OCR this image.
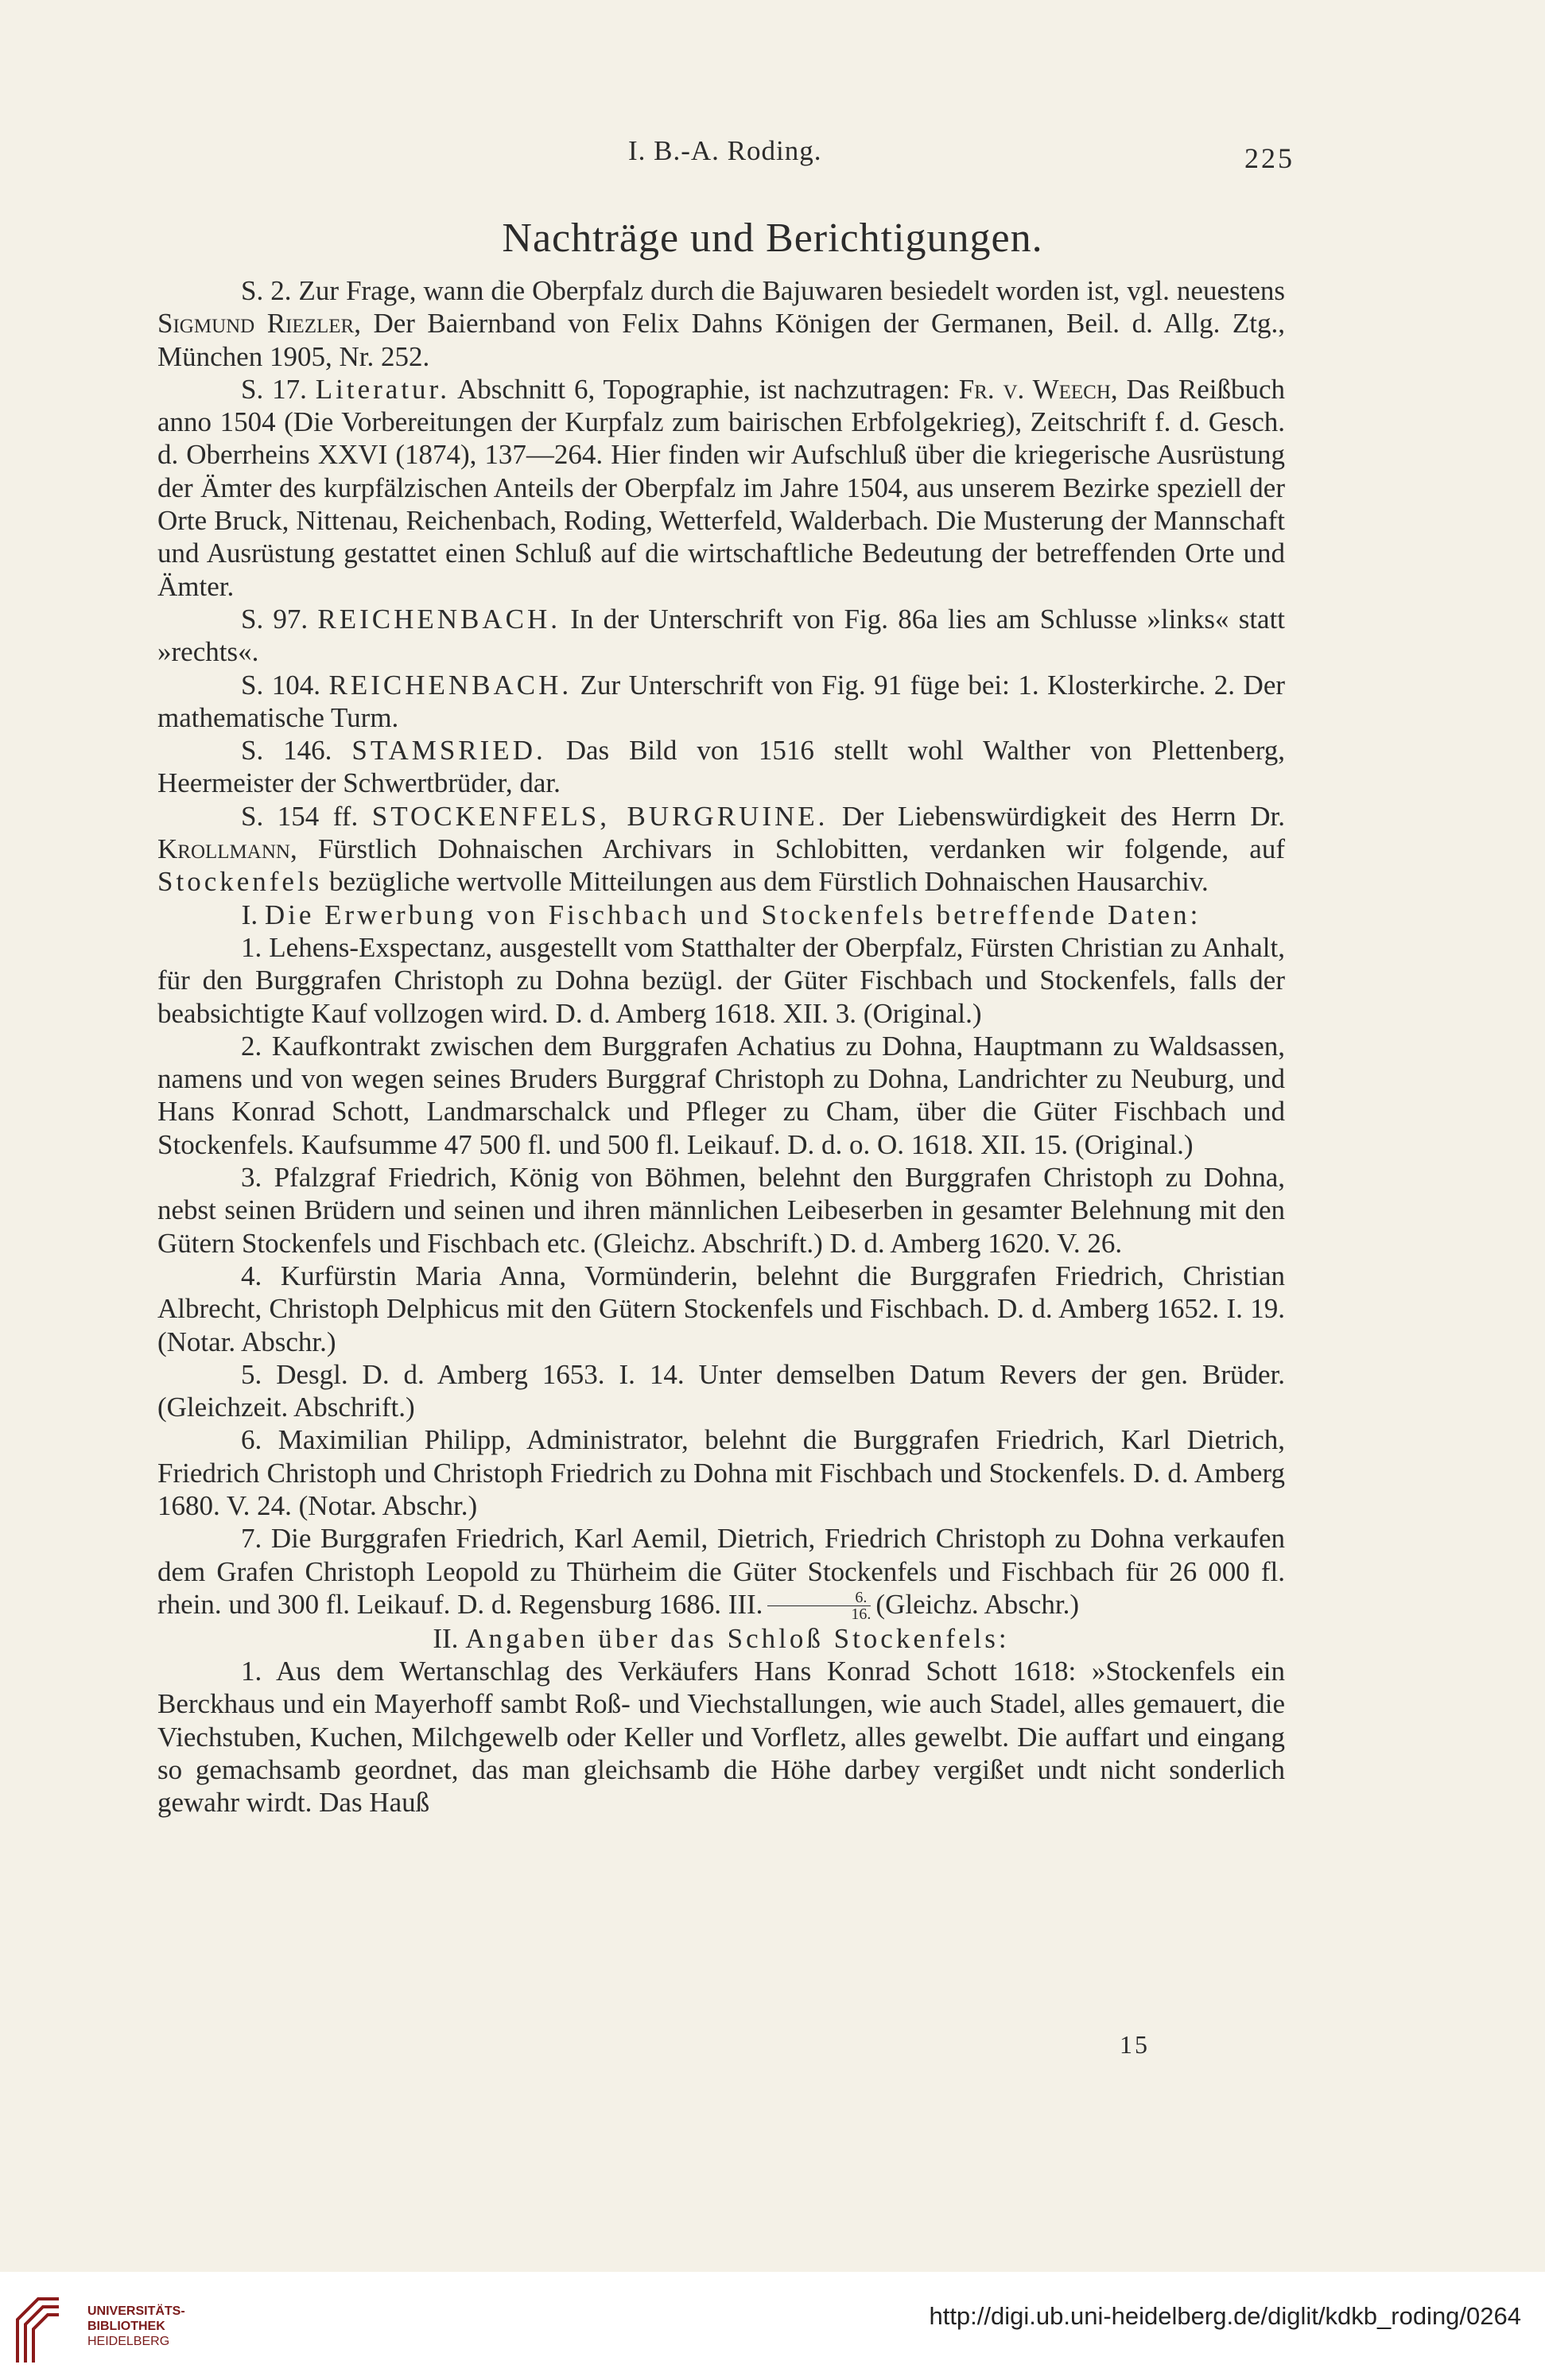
I. B.-A. Roding.	225
Nachträge und Berichtigungen.

S. 2. Zur Frage, wann die Oberpfalz durch die Bajuwaren besiedelt worden ist, vgl. neuestens Sigmund Riezler, Der Baiernband von Felix Dahns Königen der Germanen, Beil. d. Allg. Ztg., München 1905, Nr. 252.

S. 17. Literatur. Abschnitt 6, Topographie, ist nachzutragen: Fr. v. Weech, Das Reißbuch anno 1504 (Die Vorbereitungen der Kurpfalz zum bairischen Erbfolgekrieg), Zeitschrift f. d. Gesch. d. Oberrheins XXVI (1874), 137—264. Hier finden wir Aufschluß über die kriegerische Ausrüstung der Ämter des kurpfälzischen Anteils der Oberpfalz im Jahre 1504, aus unserem Bezirke speziell der Orte Bruck, Nittenau, Reichenbach, Roding, Wetterfeld, Walderbach. Die Musterung der Mannschaft und Ausrüstung gestattet einen Schluß auf die wirtschaftliche Bedeutung der betreffenden Orte und Ämter.

S. 97. REICHENBACH. In der Unterschrift von Fig. 86a lies am Schlusse »links« statt »rechts«.

S. 104. REICHENBACH. Zur Unterschrift von Fig. 91 füge bei: 1. Klosterkirche. 2. Der mathematische Turm.

S. 146. STAMSRIED. Das Bild von 1516 stellt wohl Walther von Plettenberg, Heermeister der Schwertbrüder, dar.

S. 154 ff. STOCKENFELS, BURGRUINE. Der Liebenswürdigkeit des Herrn Dr. Krollmann, Fürstlich Dohnaischen Archivars in Schlobitten, verdanken wir folgende, auf Stockenfels bezügliche wertvolle Mitteilungen aus dem Fürstlich Dohnaischen Hausarchiv.

I. Die Erwerbung von Fischbach und Stockenfels betreffende Daten:

1. Lehens-Exspectanz, ausgestellt vom Statthalter der Oberpfalz, Fürsten Christian zu Anhalt, für den Burggrafen Christoph zu Dohna bezügl. der Güter Fischbach und Stockenfels, falls der beabsichtigte Kauf vollzogen wird. D. d. Amberg 1618. XII. 3. (Original.)

2. Kaufkontrakt zwischen dem Burggrafen Achatius zu Dohna, Hauptmann zu Waldsassen, namens und von wegen seines Bruders Burggraf Christoph zu Dohna, Landrichter zu Neuburg, und Hans Konrad Schott, Landmarschalck und Pfleger zu Cham, über die Güter Fischbach und Stockenfels. Kaufsumme 47 500 fl. und 500 fl. Leikauf. D. d. o. O. 1618. XII. 15. (Original.)

3. Pfalzgraf Friedrich, König von Böhmen, belehnt den Burggrafen Christoph zu Dohna, nebst seinen Brüdern und seinen und ihren männlichen Leibeserben in gesamter Belehnung mit den Gütern Stockenfels und Fischbach etc. (Gleichz. Abschrift.) D. d. Amberg 1620. V. 26.

4. Kurfürstin Maria Anna, Vormünderin, belehnt die Burggrafen Friedrich, Christian Albrecht, Christoph Delphicus mit den Gütern Stockenfels und Fischbach. D. d. Amberg 1652. I. 19. (Notar. Abschr.)

5. Desgl. D. d. Amberg 1653. I. 14. Unter demselben Datum Revers der gen. Brüder. (Gleichzeit. Abschrift.)

6. Maximilian Philipp, Administrator, belehnt die Burggrafen Friedrich, Karl Dietrich, Friedrich Christoph und Christoph Friedrich zu Dohna mit Fischbach und Stockenfels. D. d. Amberg 1680. V. 24. (Notar. Abschr.)

7. Die Burggrafen Friedrich, Karl Aemil, Dietrich, Friedrich Christoph zu Dohna verkaufen dem Grafen Christoph Leopold zu Thürheim die Güter Stockenfels und Fischbach für 26 000 fl. rhein. und 300 fl. Leikauf. D. d. Regensburg 1686. III. $\frac{6.}{16.}$ (Gleichz. Abschr.)

II. Angaben über das Schloß Stockenfels:

1. Aus dem Wertanschlag des Verkäufers Hans Konrad Schott 1618: »Stockenfels ein Berckhaus und ein Mayerhoff sambt Roß- und Viechstallungen, wie auch Stadel, alles gemauert, die Viechstuben, Kuchen, Milchgewelb oder Keller und Vorfletz, alles gewelbt. Die auffart und eingang so gemachsamb geordnet, das man gleichsamb die Höhe darbey vergißet undt nicht sonderlich gewahr wirdt. Das Hauß

15
UNIVERSITÄTS-
BIBLIOTHEK
HEIDELBERG
http://digi.ub.uni-heidelberg.de/diglit/kdkb_roding/0264
